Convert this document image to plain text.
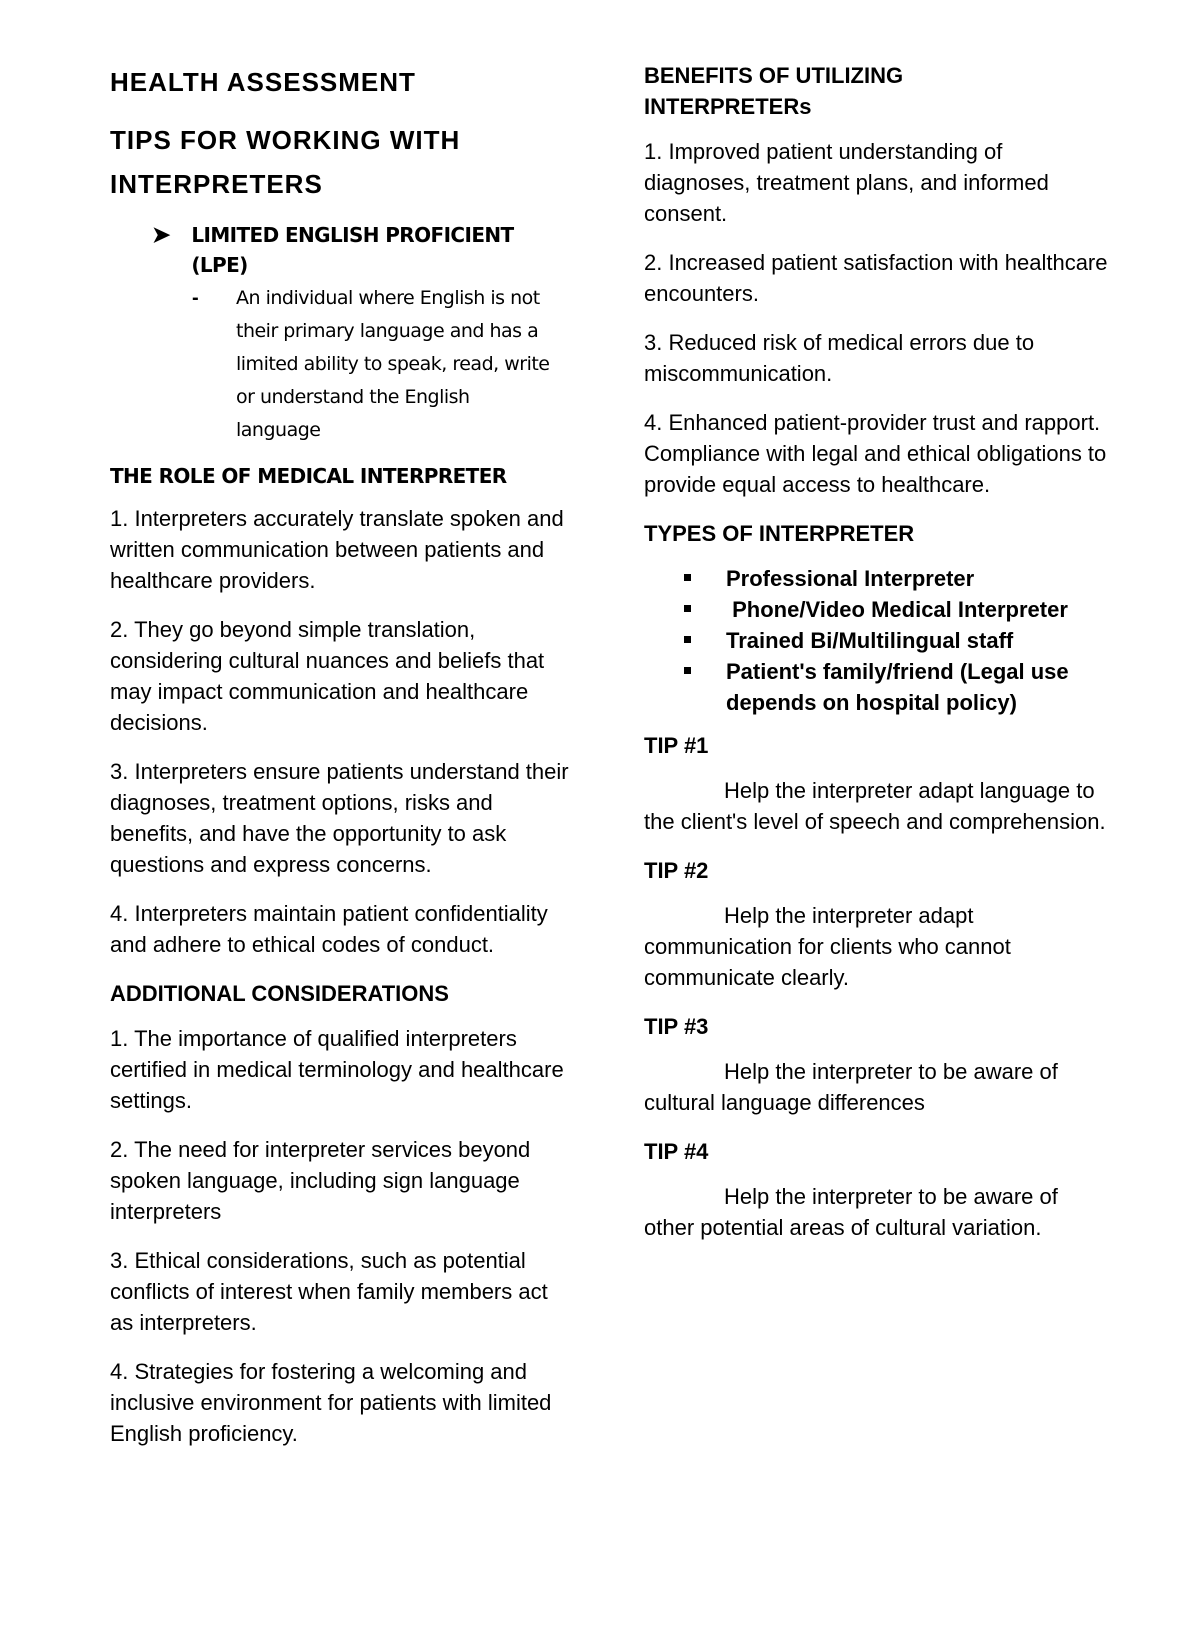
HEALTH ASSESSMENT
TIPS FOR WORKING WITH
INTERPRETERS
➤	LIMITED ENGLISH PROFICIENT (LPE)
-	An individual where English is not their primary language and has a limited ability to speak, read, write or understand the English language
THE ROLE OF MEDICAL INTERPRETER

1. Interpreters accurately translate spoken and written communication between patients and healthcare providers.

2. They go beyond simple translation, considering cultural nuances and beliefs that may impact communication and healthcare decisions.

3. Interpreters ensure patients understand their diagnoses, treatment options, risks and benefits, and have the opportunity to ask questions and express concerns.

4. Interpreters maintain patient confidentiality and adhere to ethical codes of conduct.

ADDITIONAL CONSIDERATIONS

1. The importance of qualified interpreters certified in medical terminology and healthcare settings.

2. The need for interpreter services beyond spoken language, including sign language interpreters

3. Ethical considerations, such as potential conflicts of interest when family members act as interpreters.

4. Strategies for fostering a welcoming and inclusive environment for patients with limited English proficiency.

BENEFITS OF UTILIZING
INTERPRETERs

1. Improved patient understanding of diagnoses, treatment plans, and informed consent.

2. Increased patient satisfaction with healthcare encounters.

3. Reduced risk of medical errors due to miscommunication.

4. Enhanced patient-provider trust and rapport. Compliance with legal and ethical obligations to provide equal access to healthcare.

TYPES OF INTERPRETER
Professional Interpreter
Phone/Video Medical Interpreter
Trained Bi/Multilingual staff
Patient's family/friend (Legal use depends on hospital policy)
TIP #1

Help the interpreter adapt language to the client's level of speech and comprehension.

TIP #2

Help the interpreter adapt communication for clients who cannot communicate clearly.

TIP #3

Help the interpreter to be aware of cultural language differences

TIP #4

Help the interpreter to be aware of other potential areas of cultural variation.
